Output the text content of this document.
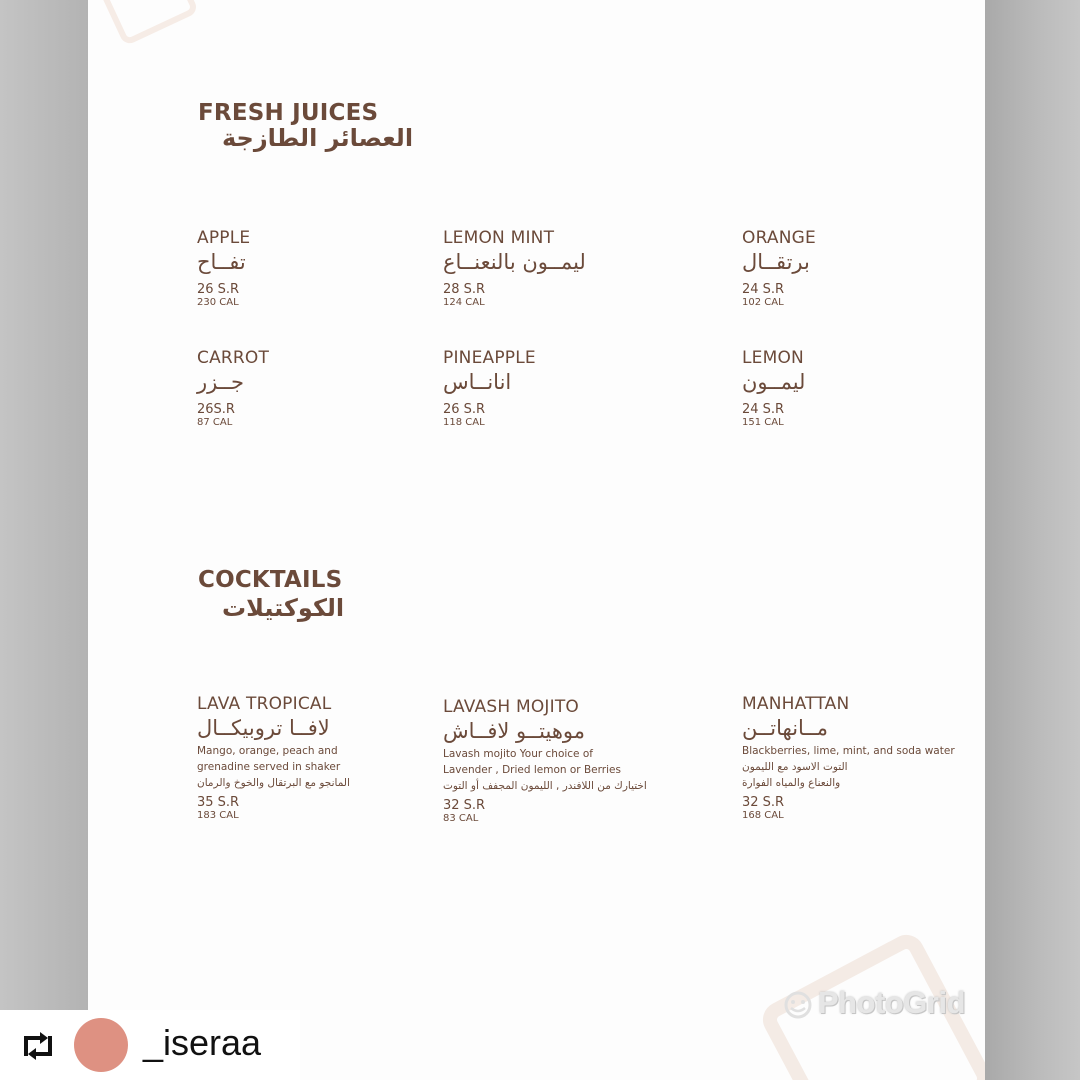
FRESH JUICES
العصائر الطازجة
APPLE
تفــاح
26 S.R
230 CAL
LEMON MINT
ليمــون بالنعنــاع
28 S.R
124 CAL
ORANGE
برتقــال
24 S.R
102 CAL
CARROT
جــزر
26S.R
87 CAL
PINEAPPLE
انانــاس
26 S.R
118 CAL
LEMON
ليمــون
24 S.R
151 CAL
COCKTAILS
الكوكتيلات
LAVA TROPICAL
لافــا تروبيكــال
Mango, orange, peach and
grenadine served in shaker
المانجو مع البرتقال والخوخ والرمان
35 S.R
183 CAL
LAVASH MOJITO
موهيتــو لافــاش
Lavash mojito Your choice of
Lavender , Dried lemon or Berries
اختيارك من اللافندر , الليمون المجفف أو التوت
32 S.R
83 CAL
MANHATTAN
مــانهاتــن
Blackberries, lime, mint, and soda water
التوت الاسود مع الليمون
والنعناع والمياه الفوارة
32 S.R
168 CAL
PhotoGrid
_iseraa
